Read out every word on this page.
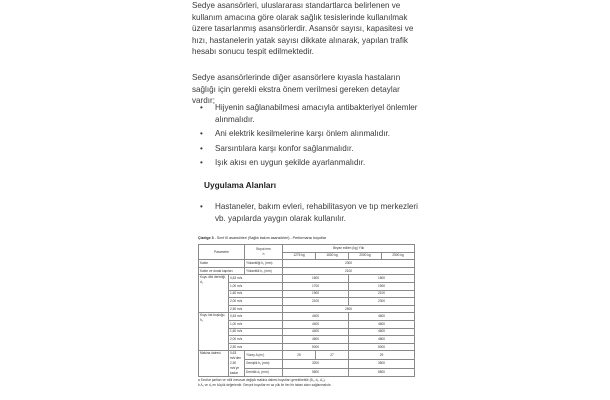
Sedye asansörleri, uluslararası standartlarca belirlenen ve kullanım amacına göre olarak sağlık tesislerinde kullanılmak üzere tasarlanmış asansörlerdir. Asansör sayısı, kapasitesi ve hızı, hastanelerin yatak sayısı dikkate alınarak, yapılan trafik hesabı sonucu tespit edilmektedir.

Sedye asansörlerinde diğer asansörlere kıyasla hastaların sağlığı için gerekli ekstra önem verilmesi gereken detaylar vardır;

•	Hijyenin sağlanabilmesi amacıyla antibakteriyel önlemler alınmalıdır.
•	Ani elektrik kesilmelerine karşı önlem alınmalıdır.
•	Sarsıntılara karşı konfor sağlanmalıdır.
•	Işık akısı en uygun şekilde ayarlanmalıdır.
Uygulama Alanları
•	Hastaneler, bakım evleri, rehabilitasyon ve tıp merkezleri vb. yapılarda yaygın olarak kullanılır.

Çizelge 3 - Sınıf III asansörleri (Sağlık bakım asansörleri) - Performansı boyutlar

Parametre		Boyut mm
h	Beyan edilen (kg) Yük			
			1275 kg	1600 kg	2000 kg	2500 kg
Kabin		Yüksekliği h₁ (mm)	2300			
Kabin ve durak kapıları		Yükseklik h₂ (mm)	2100			
Kuyu dibi derinliği, d₁	0,63 m/s		1600		1800	
	1,00 m/s		1700		1900	
	1,60 m/s		1900		2100	
	2,00 m/s		2100		2300	
	2,50 m/s		2500			
Kuyu üst boşluğu, h₂	0,63 m/s		4400		4600	
	1,00 m/s		4400		4600	
	1,60 m/s		4400		4600	
	2,00 m/s		4600		4800	
	2,50 m/s		5000		5000	
Makina dairesi	0,63 m/s'den 2,50 m/s'ye kadar	Yüzey A (m²)	25	27	29	
		Genişlik b₁ (mm)	3200		3500	
		Derinlik d₁ (mm)	5500		5800	
a Sınırlar şartları ve milli mevzuat değişik makina dairesi boyutları gerektirebilir (B₁, d₁, A₂).
b A₁ ve d₁ en küçük değerlerdir. Gerçek boyutlar en az yük ile her bir taban alanı sağlanmalıdır.
